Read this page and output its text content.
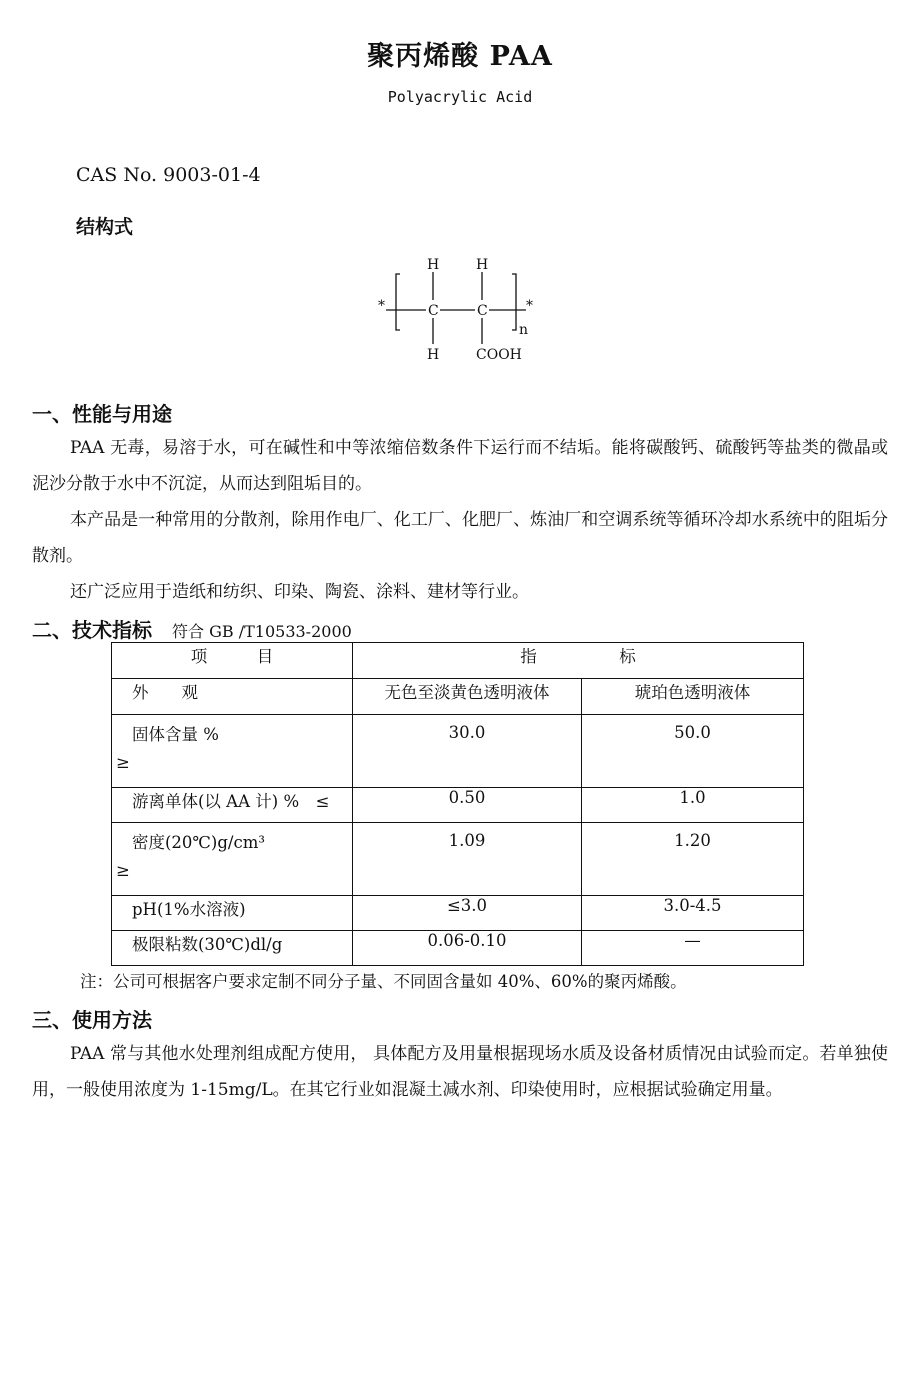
聚丙烯酸 PAA
Polyacrylic Acid
CAS No. 9003-01-4
结构式
H	H
C	C
H	COOH
n
*	*
一、性能与用途
PAA 无毒，易溶于水，可在碱性和中等浓缩倍数条件下运行而不结垢。能将碳酸钙、硫酸钙等盐类的微晶或泥沙分散于水中不沉淀，从而达到阻垢目的。
本产品是一种常用的分散剂，除用作电厂、化工厂、化肥厂、炼油厂和空调系统等循环冷却水系统中的阻垢分散剂。
还广泛应用于造纸和纺织、印染、陶瓷、涂料、建材等行业。
二、技术指标 符合 GB /T10533-2000
项　　　目	指　　　　　标	
外　　观	无色至淡黄色透明液体	琥珀色透明液体

固体含量 %
≥	30.0	50.0
游离单体(以 AA 计) %　≤	0.50	1.0

密度(20℃)g/cm³
≥	1.09	1.20
pH(1%水溶液)	≤3.0	3.0-4.5
极限粘数(30℃)dl/g	0.06-0.10	—
注：公司可根据客户要求定制不同分子量、不同固含量如 40%、60%的聚丙烯酸。
三、使用方法
PAA 常与其他水处理剂组成配方使用， 具体配方及用量根据现场水质及设备材质情况由试验而定。若单独使用，一般使用浓度为 1-15mg/L。在其它行业如混凝土减水剂、印染使用时，应根据试验确定用量。
